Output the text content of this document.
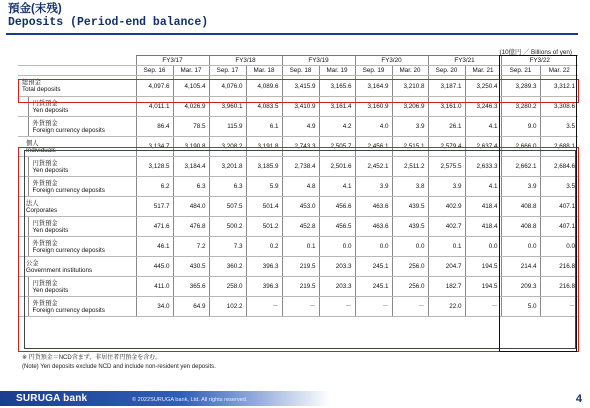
預金(末残)
Deposits (Period-end balance)
(10億円 ／ Billions of yen)
		FY3/17		FY3/18		FY3/19		FY3/20		FY3/21		FY3/22	
		Sep. 16	Mar. 17	Sep. 17	Mar. 18	Sep. 18	Mar. 19	Sep. 19	Mar. 20	Sep. 20	Mar. 21	Sep. 21	Mar. 22

総預金
Total deposits		4,097.6	4,105.4	4,076.0	4,089.6	3,415.9	3,165.6	3,164.9	3,210.8	3,187.1	3,250.4	3,289.3	3,312.1

	円貨預金
Yen deposits	4,011.1	4,026.9	3,960.1	4,083.5	3,410.9	3,161.4	3,160.9	3,206.9	3,161.0	3,246.3	3,280.2	3,308.6

	外貨預金
Foreign currency deposits	86.4	78.5	115.9	6.1	4.9	4.2	4.0	3.9	26.1	4.1	9.0	3.5

個人
Individuals		3,134.7	3,190.8	3,208.2	3,191.8	2,743.3	2,505.7	2,456.1	2,515.1	2,579.4	2,637.4	2,666.0	2,688.1

	円貨預金
Yen deposits	3,128.5	3,184.4	3,201.8	3,185.9	2,738.4	2,501.6	2,452.1	2,511.2	2,575.5	2,633.3	2,662.1	2,684.6

	外貨預金
Foreign currency deposits	6.2	6.3	6.3	5.9	4.8	4.1	3.9	3.8	3.9	4.1	3.9	3.5

法人
Corporates		517.7	484.0	507.5	501.4	453.0	456.6	463.6	439.5	402.9	418.4	408.8	407.1

	円貨預金
Yen deposits	471.6	476.8	500.2	501.2	452.8	456.5	463.6	439.5	402.7	418.4	408.8	407.1

	外貨預金
Foreign currency deposits	46.1	7.2	7.3	0.2	0.1	0.0	0.0	0.0	0.1	0.0	0.0	0.0

公金
Government institutions		445.0	430.5	360.2	396.3	219.5	203.3	245.1	256.0	204.7	194.5	214.4	216.8

	円貨預金
Yen deposits	411.0	365.6	258.0	396.3	219.5	203.3	245.1	256.0	182.7	194.5	209.3	216.8

	外貨預金
Foreign currency deposits	34.0	64.9	102.2	－	－	－	－	－	22.0	－	5.0	－
※ 円貨預金＝NCD含まず、非居住者円預金を含む。
(Note) Yen deposits exclude NCD and include non-resident yen deposits.
SURUGA bank	© 2022SURUGA bank, Ltd. All rights reserved.	4
